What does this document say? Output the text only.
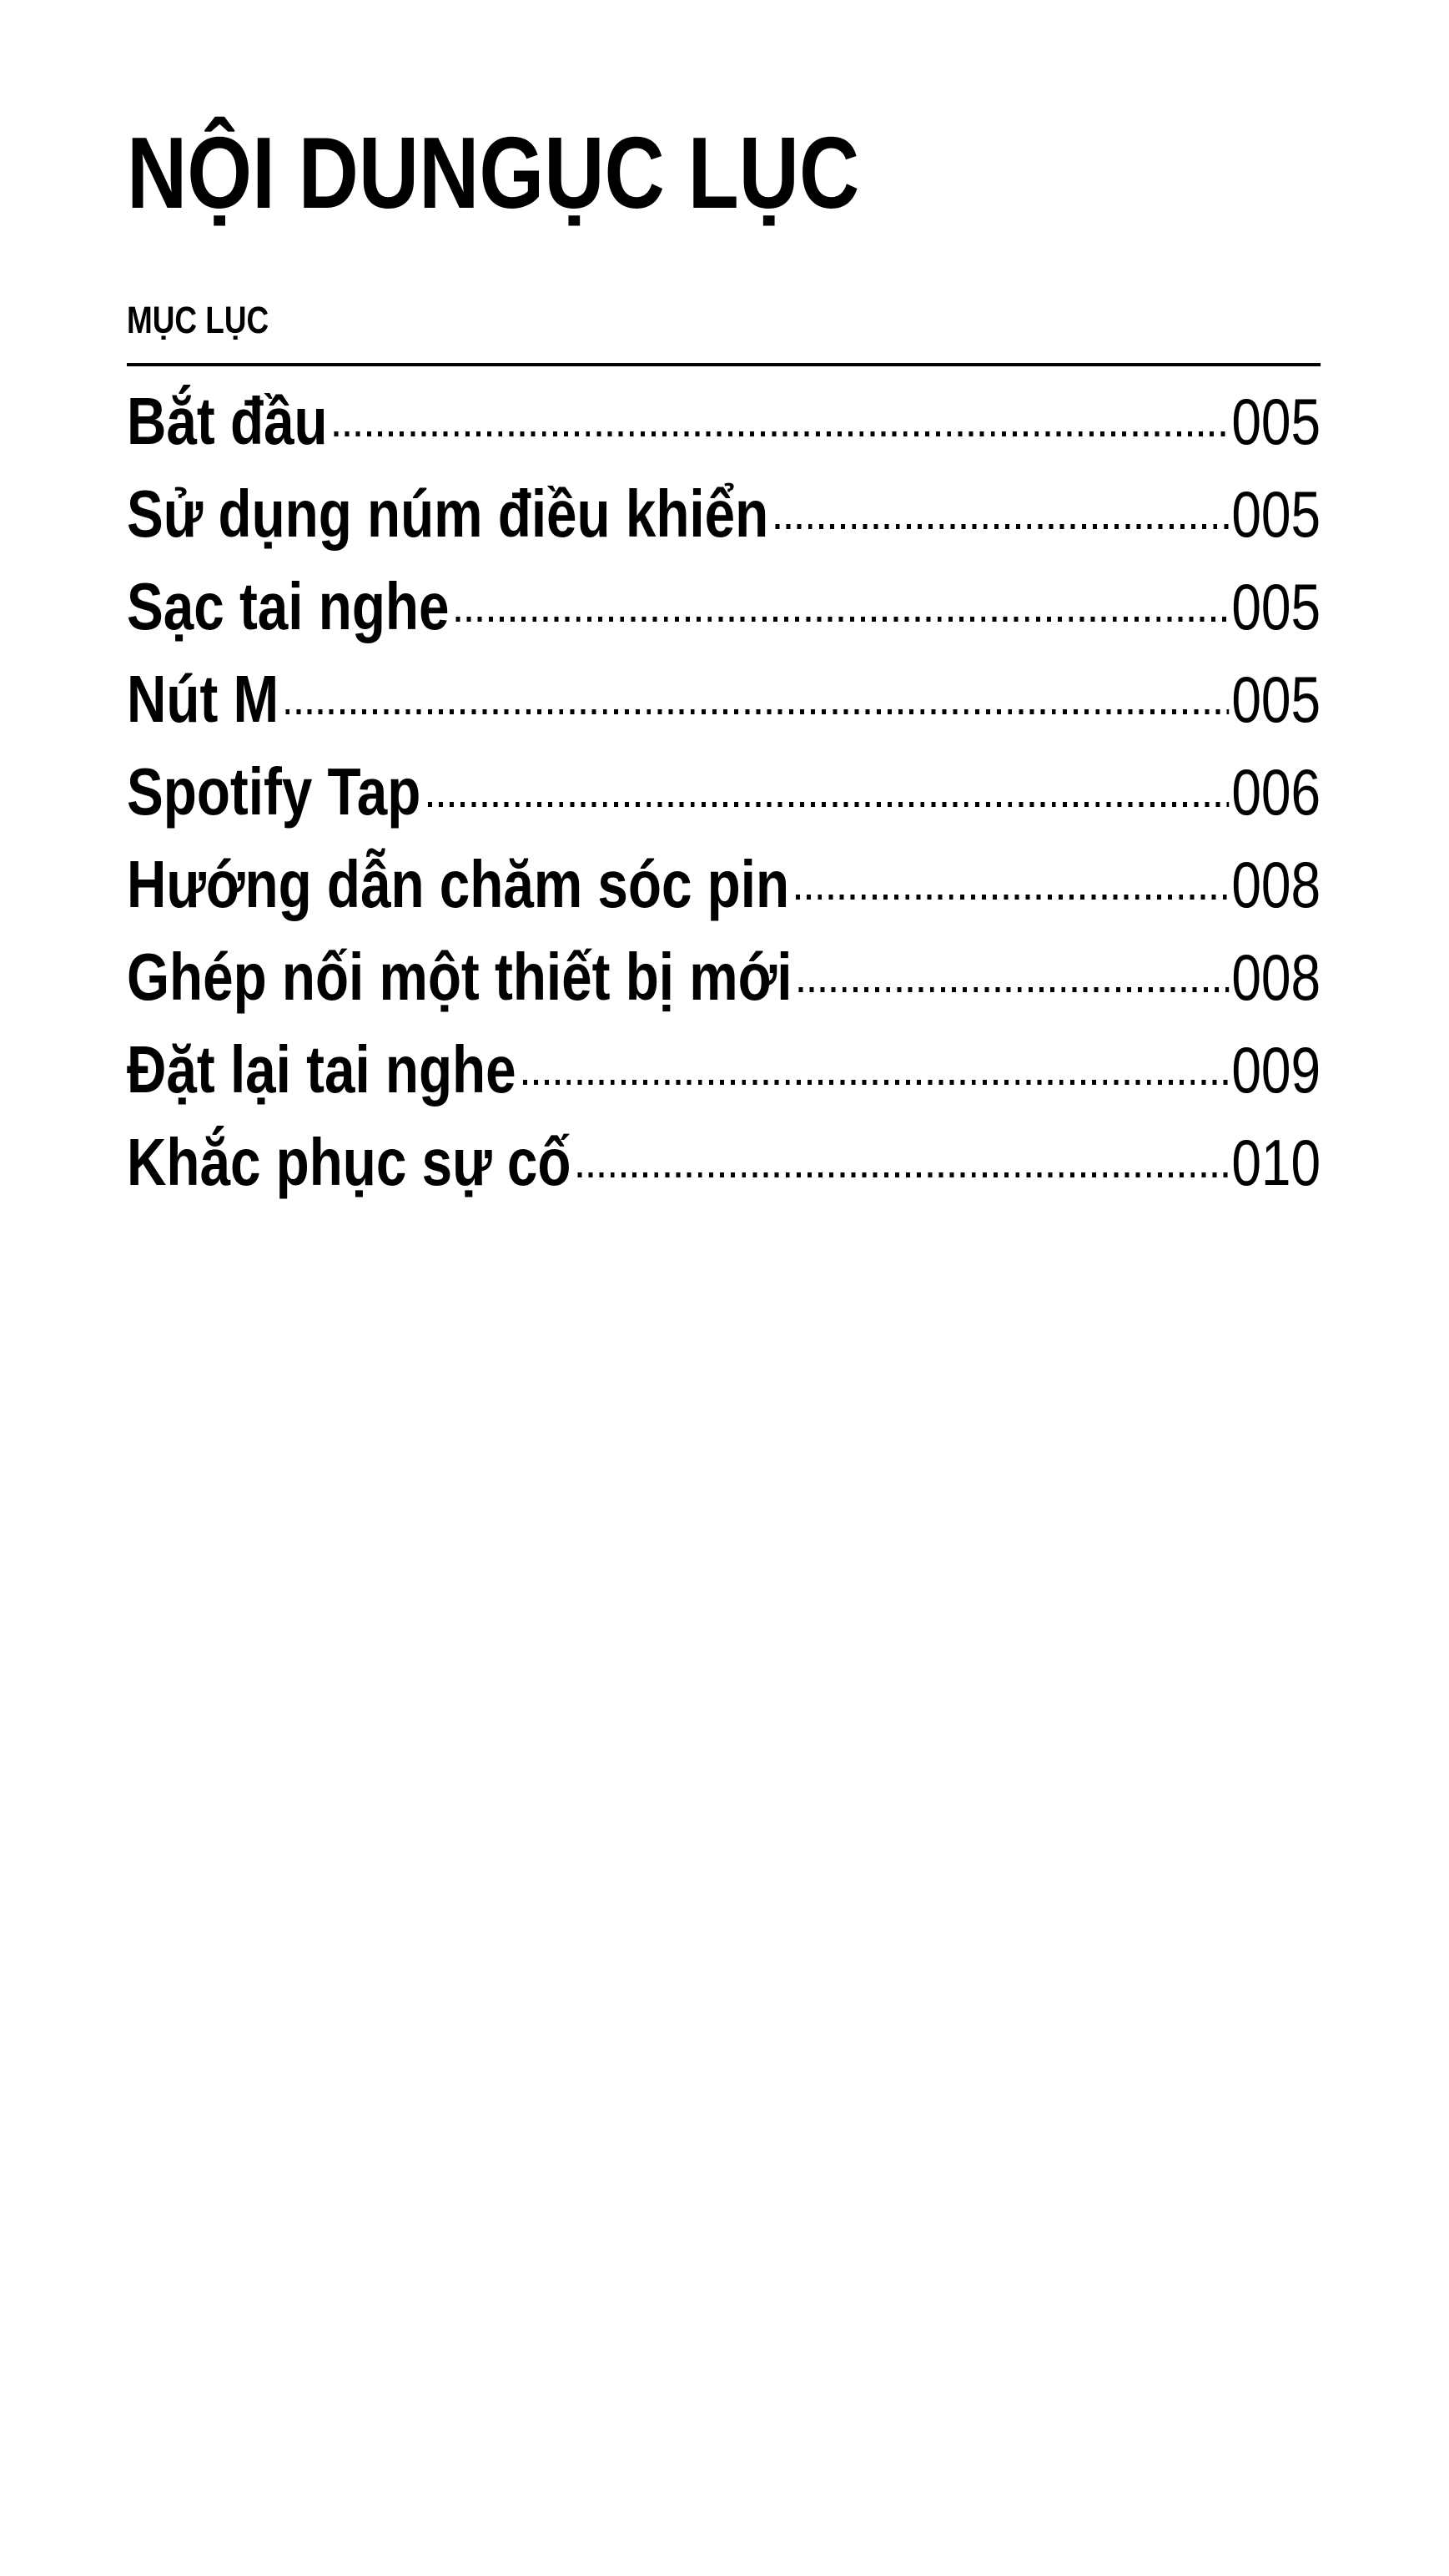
NỘI DUNGỤC LỤC
MỤC LỤC
Bắt đầu	005
Sử dụng núm điều khiển	005
Sạc tai nghe	005
Nút M	005
Spotify Tap	006
Hướng dẫn chăm sóc pin	008
Ghép nối một thiết bị mới	008
Đặt lại tai nghe	009
Khắc phục sự cố	010
